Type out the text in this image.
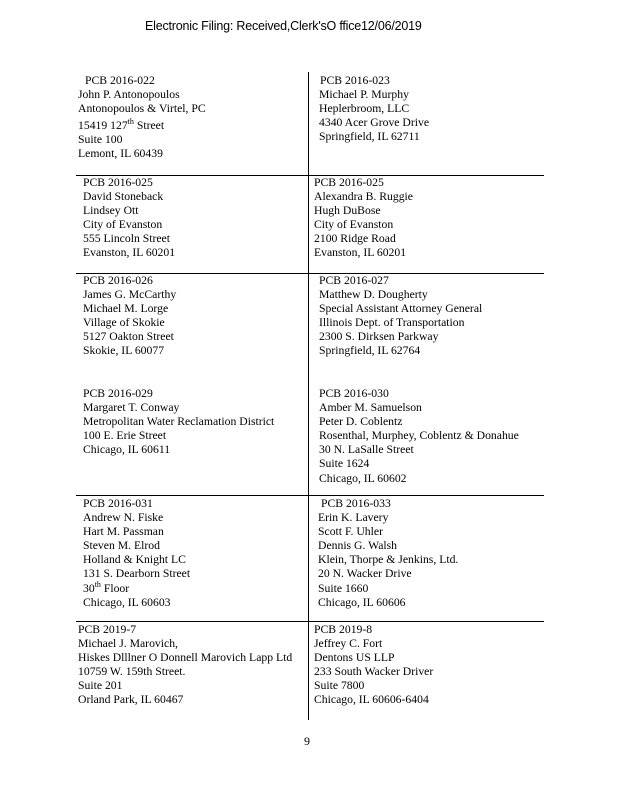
Electronic Filing: Received,Clerk'sO ffice12/06/2019
PCB 2016-022
John P. Antonopoulos
Antonopoulos & Virtel, PC
15419 127th Street
Suite 100
Lemont, IL 60439
PCB 2016-023
Michael P. Murphy
Heplerbroom, LLC
4340 Acer Grove Drive
Springfield, IL 62711
PCB 2016-025
David Stoneback
Lindsey Ott
City of Evanston
555 Lincoln Street
Evanston, IL 60201
PCB 2016-025
Alexandra B. Ruggie
Hugh DuBose
City of Evanston
2100 Ridge Road
Evanston, IL 60201
PCB 2016-026
James G. McCarthy
Michael M. Lorge
Village of Skokie
5127 Oakton Street
Skokie, IL 60077
PCB 2016-027
Matthew D. Dougherty
Special Assistant Attorney General
Illinois Dept. of Transportation
2300 S. Dirksen Parkway
Springfield, IL 62764
PCB 2016-029
Margaret T. Conway
Metropolitan Water Reclamation District
100 E. Erie Street
Chicago, IL 60611
PCB 2016-030
Amber M. Samuelson
Peter D. Coblentz
Rosenthal, Murphey, Coblentz & Donahue
30 N. LaSalle Street
Suite 1624
Chicago, IL 60602
PCB 2016-031
Andrew N. Fiske
Hart M. Passman
Steven M. Elrod
Holland & Knight LC
131 S. Dearborn Street
30th Floor
Chicago, IL 60603
PCB 2016-033
Erin K. Lavery
Scott F. Uhler
Dennis G. Walsh
Klein, Thorpe & Jenkins, Ltd.
20 N. Wacker Drive
Suite 1660
Chicago, IL 60606
PCB 2019-7
Michael J. Marovich,
Hiskes Dlllner O Donnell Marovich Lapp Ltd
10759 W. 159th Street.
Suite 201
Orland Park, IL 60467
PCB 2019-8
Jeffrey C. Fort
Dentons US LLP
233 South Wacker Driver
Suite 7800
Chicago, IL 60606-6404
9
